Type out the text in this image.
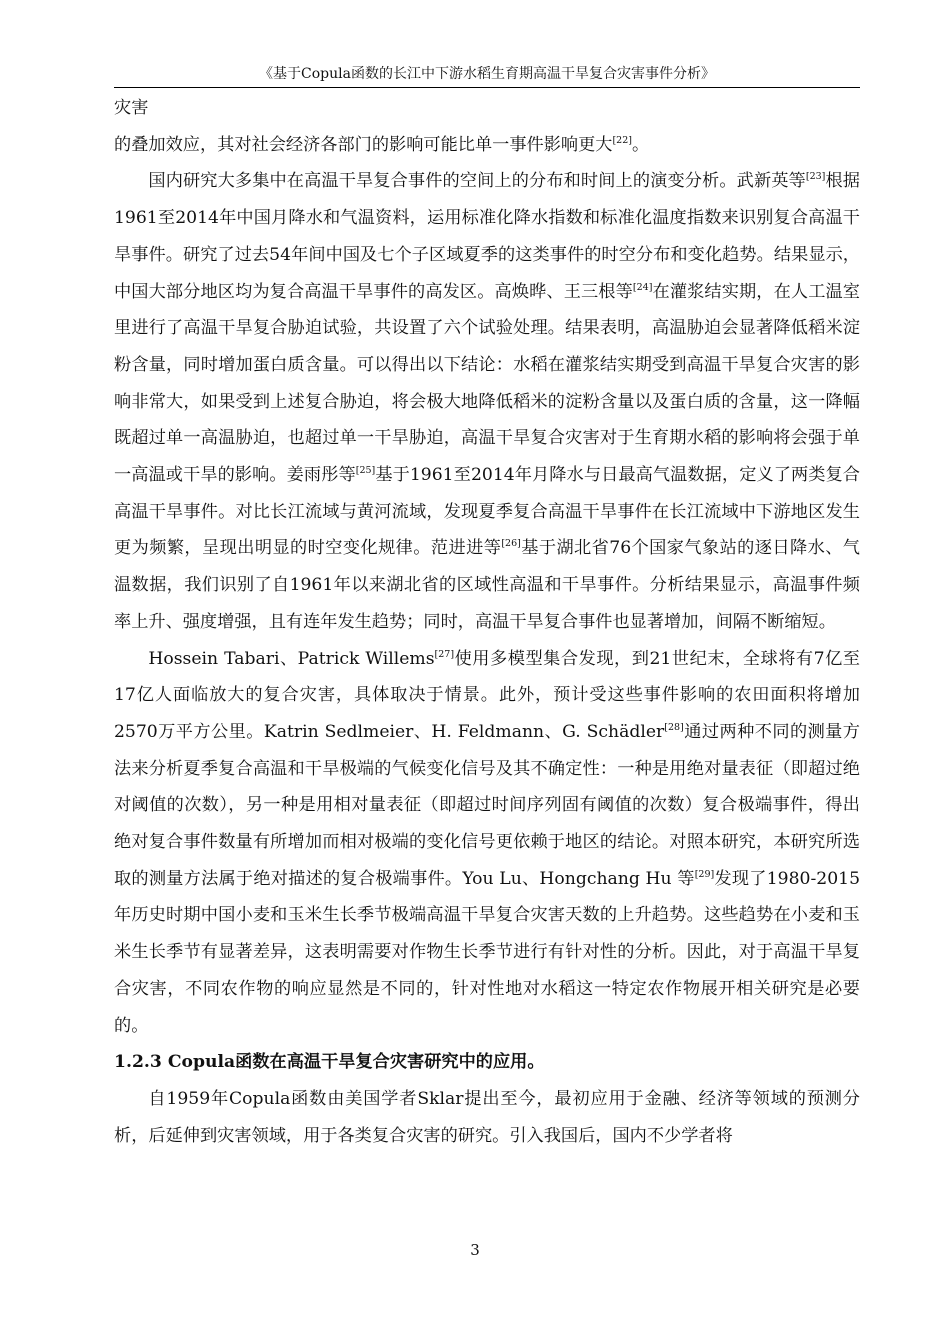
《基于Copula函数的长江中下游水稻生育期高温干旱复合灾害事件分析》

灾害

的叠加效应，其对社会经济各部门的影响可能比单一事件影响更大[22]。

国内研究大多集中在高温干旱复合事件的空间上的分布和时间上的演变分析。武新英等[23]根据1961至2014年中国月降水和气温资料，运用标准化降水指数和标准化温度指数来识别复合高温干旱事件。研究了过去54年间中国及七个子区域夏季的这类事件的时空分布和变化趋势。结果显示，中国大部分地区均为复合高温干旱事件的高发区。高焕晔、王三根等[24]在灌浆结实期，在人工温室里进行了高温干旱复合胁迫试验，共设置了六个试验处理。结果表明，高温胁迫会显著降低稻米淀粉含量，同时增加蛋白质含量。可以得出以下结论：水稻在灌浆结实期受到高温干旱复合灾害的影响非常大，如果受到上述复合胁迫，将会极大地降低稻米的淀粉含量以及蛋白质的含量，这一降幅既超过单一高温胁迫，也超过单一干旱胁迫，高温干旱复合灾害对于生育期水稻的影响将会强于单一高温或干旱的影响。姜雨彤等[25]基于1961至2014年月降水与日最高气温数据，定义了两类复合高温干旱事件。对比长江流域与黄河流域，发现夏季复合高温干旱事件在长江流域中下游地区发生更为频繁，呈现出明显的时空变化规律。范进进等[26]基于湖北省76个国家气象站的逐日降水、气温数据，我们识别了自1961年以来湖北省的区域性高温和干旱事件。分析结果显示，高温事件频率上升、强度增强，且有连年发生趋势；同时，高温干旱复合事件也显著增加，间隔不断缩短。

Hossein Tabari、Patrick Willems[27]使用多模型集合发现，到21世纪末，全球将有7亿至17亿人面临放大的复合灾害，具体取决于情景。此外，预计受这些事件影响的农田面积将增加2570万平方公里。Katrin Sedlmeier、H. Feldmann、G. Schädler[28]通过两种不同的测量方法来分析夏季复合高温和干旱极端的气候变化信号及其不确定性：一种是用绝对量表征（即超过绝对阈值的次数），另一种是用相对量表征（即超过时间序列固有阈值的次数）复合极端事件，得出绝对复合事件数量有所增加而相对极端的变化信号更依赖于地区的结论。对照本研究，本研究所选取的测量方法属于绝对描述的复合极端事件。You Lu、Hongchang Hu 等[29]发现了1980-2015年历史时期中国小麦和玉米生长季节极端高温干旱复合灾害天数的上升趋势。这些趋势在小麦和玉米生长季节有显著差异，这表明需要对作物生长季节进行有针对性的分析。因此，对于高温干旱复合灾害，不同农作物的响应显然是不同的，针对性地对水稻这一特定农作物展开相关研究是必要的。

1.2.3 Copula函数在高温干旱复合灾害研究中的应用。

自1959年Copula函数由美国学者Sklar提出至今，最初应用于金融、经济等领域的预测分析，后延伸到灾害领域，用于各类复合灾害的研究。引入我国后，国内不少学者将

3
